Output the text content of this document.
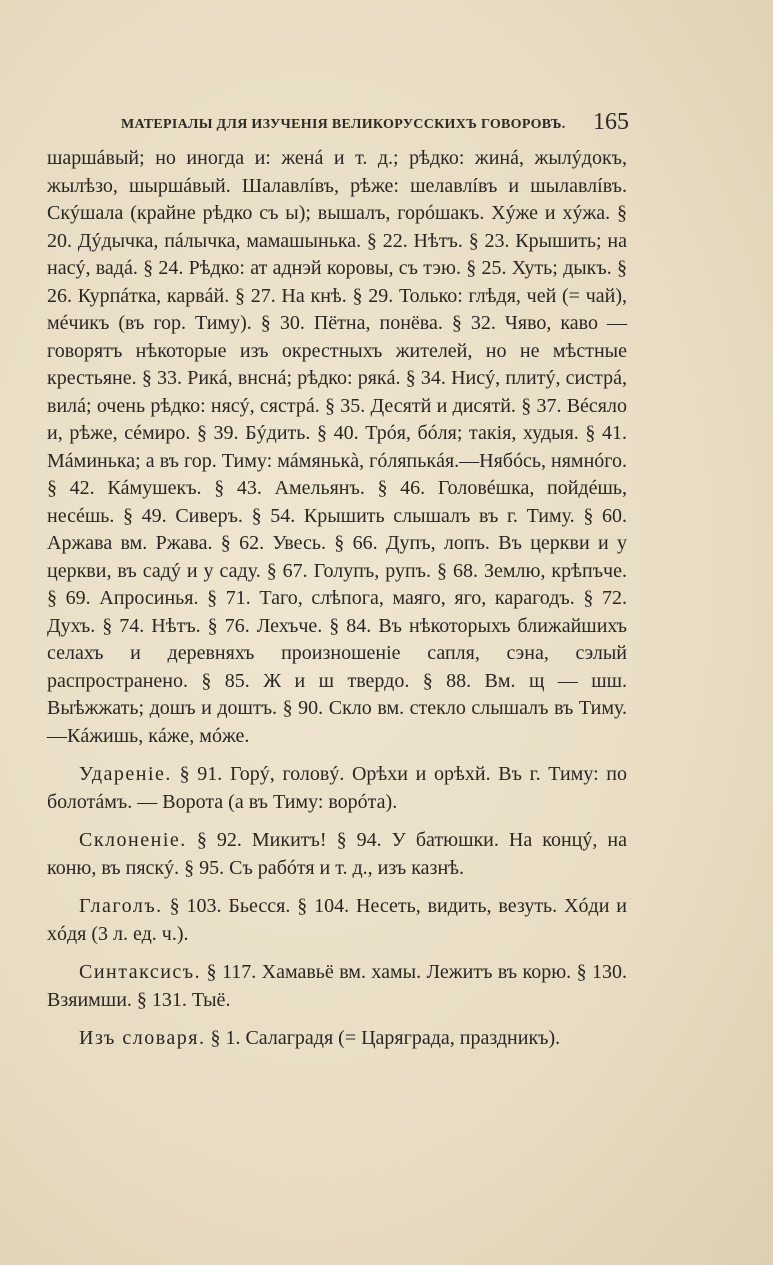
МАТЕРІАЛЫ ДЛЯ ИЗУЧЕНІЯ ВЕЛИКОРУССКИХЪ ГОВОРОВЪ. 165

шаршáвый; но иногда и: женá и т. д.; рѣдко: жинá, жылýдокъ, жылѣзо, шыршáвый. Шалавлíвъ, рѣже: шелавлíвъ и шылавлíвъ. Скýшала (крайне рѣдко съ ы); вышалъ, горóшакъ. Хýже и хýжа. § 20. Дýдычка, пáлычка, мамашынька. § 22. Нѣтъ. § 23. Крышить; на насý, вадá. § 24. Рѣдко: ат аднэй коровы, съ тэю. § 25. Хуть; дыкъ. § 26. Курпáтка, карвáй. § 27. На кнѣ. § 29. Только: глѣдя, чей (= чай), мéчикъ (въ гор. Тиму). § 30. Пётна, понёва. § 32. Чяво, каво — говорятъ нѣкоторые изъ окрестныхъ жителей, но не мѣстные крестьяне. § 33. Рикá, внснá; рѣдко: рякá. § 34. Нисý, плитý, систрá, вилá; очень рѣдко: нясý, сястрá. § 35. Десятй и дисятй. § 37. Вéсяло и, рѣже, сéмиро. § 39. Бýдить. § 40. Трóя, бóля; такія, худыя. § 41. Мáминька; а въ гор. Тиму: мáмянькà, гóляпькáя.—Нябóсь, нямнóго. § 42. Кáмушекъ. § 43. Амельянъ. § 46. Головéшка, пойдéшь, несéшь. § 49. Сиверъ. § 54. Крышить слышалъ въ г. Тиму. § 60. Аржава вм. Ржава. § 62. Увесь. § 66. Дупъ, лопъ. Въ церкви и у церкви, въ садý и у саду. § 67. Голупъ, рупъ. § 68. Землю, крѣпъче. § 69. Апросинья. § 71. Таго, слѣпога, маяго, яго, карагодъ. § 72. Духъ. § 74. Нѣтъ. § 76. Лехъче. § 84. Въ нѣкоторыхъ ближайшихъ селахъ и деревняхъ произношеніе сапля, сэна, сэлый распространено. § 85. Ж и ш твердо. § 88. Вм. щ — шш. Выѣжжать; дошъ и доштъ. § 90. Скло вм. стекло слышалъ въ Тиму.—Кáжишь, кáже, мóже.

Удареніе. § 91. Горý, головý. Орѣхи и орѣхй. Въ г. Тиму: по болотáмъ. — Ворота (а въ Тиму: ворóта).

Склоненіе. § 92. Микитъ! § 94. У батюшки. На концý, на коню, въ пяскý. § 95. Съ рабóтя и т. д., изъ казнѣ.

Глаголъ. § 103. Бьесся. § 104. Несеть, видить, везуть. Хóди и хóдя (3 л. ед. ч.).

Синтаксисъ. § 117. Хамавьё вм. хамы. Лежитъ въ корю. § 130. Взяимши. § 131. Тыё.

Изъ словаря. § 1. Салаградя (= Царяграда, праздникъ).
